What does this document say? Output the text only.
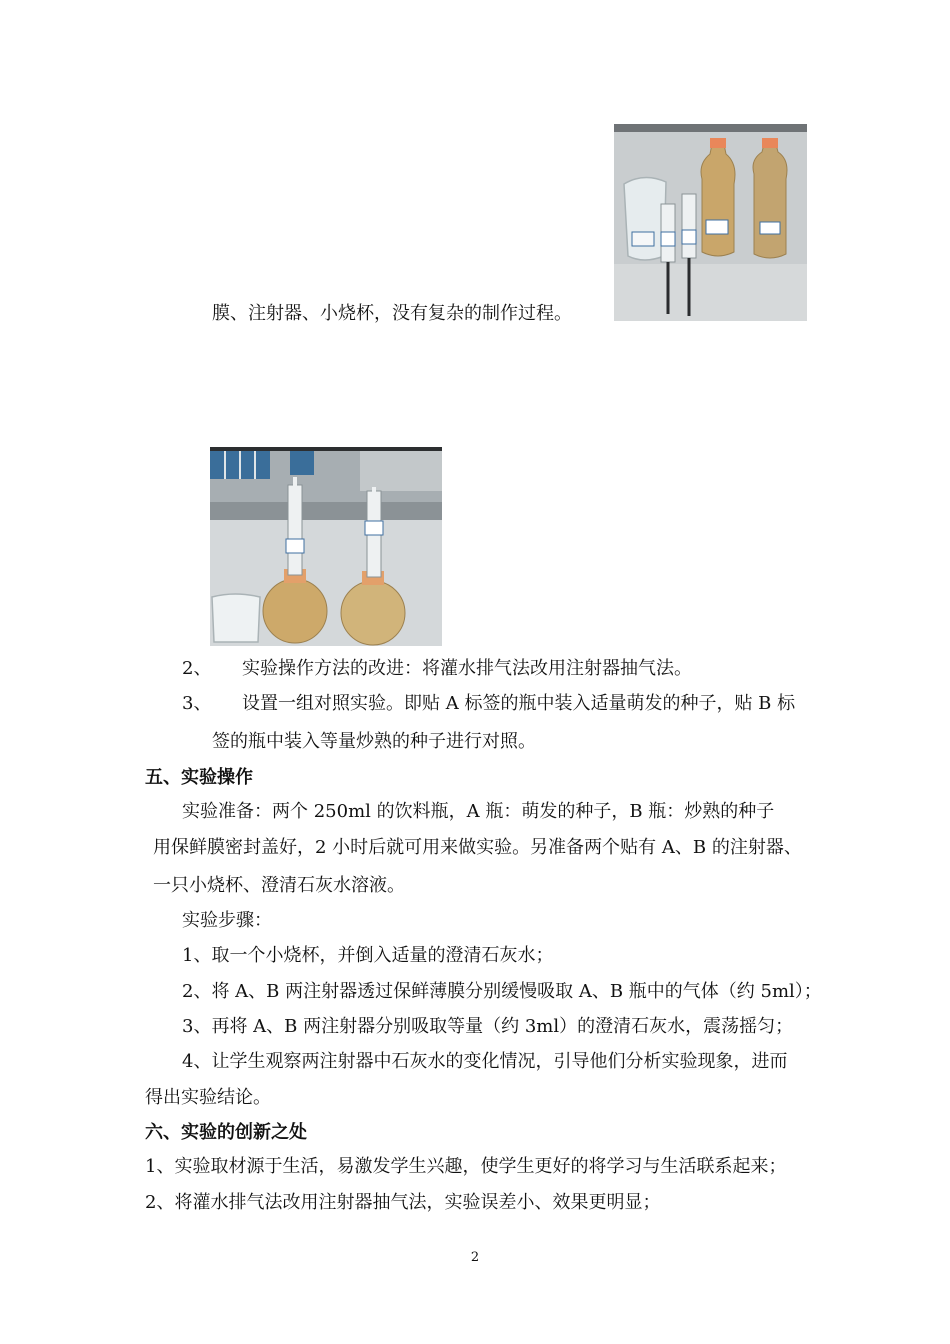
膜、注射器、小烧杯，没有复杂的制作过程。
2、 实验操作方法的改进：将灌水排气法改用注射器抽气法。
3、 设置一组对照实验。即贴 A 标签的瓶中装入适量萌发的种子，贴 B 标
签的瓶中装入等量炒熟的种子进行对照。
五、实验操作
实验准备：两个 250ml 的饮料瓶，A 瓶：萌发的种子，B 瓶：炒熟的种子
用保鲜膜密封盖好，2 小时后就可用来做实验。另准备两个贴有 A、B 的注射器、
一只小烧杯、澄清石灰水溶液。
实验步骤：
1、取一个小烧杯，并倒入适量的澄清石灰水；
2、将 A、B 两注射器透过保鲜薄膜分别缓慢吸取 A、B 瓶中的气体（约 5ml）；
3、再将 A、B 两注射器分别吸取等量（约 3ml）的澄清石灰水，震荡摇匀；
4、让学生观察两注射器中石灰水的变化情况，引导他们分析实验现象，进而
得出实验结论。
六、实验的创新之处
1、实验取材源于生活，易激发学生兴趣，使学生更好的将学习与生活联系起来；
2、将灌水排气法改用注射器抽气法，实验误差小、效果更明显；
2
